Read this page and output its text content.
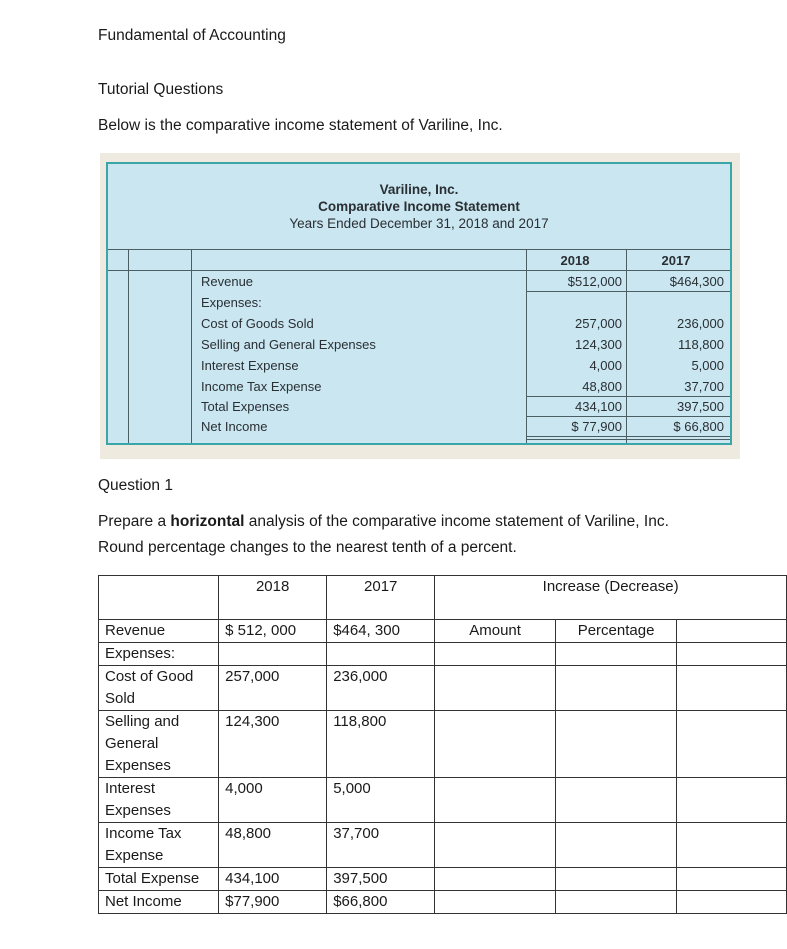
Fundamental of Accounting
Tutorial Questions
Below is the comparative income statement of Variline, Inc.
Variline, Inc.
Comparative Income Statement
Years Ended December 31, 2018 and 2017
2018	2017
Revenue	$512,000	$464,300
Expenses:
Cost of Goods Sold	257,000	236,000
Selling and General Expenses	124,300	118,800
Interest Expense	4,000	5,000
Income Tax Expense	48,800	37,700
Total Expenses	434,100	397,500
Net Income	$ 77,900	$ 66,800
Question 1
Prepare a horizontal analysis of the comparative income statement of Variline, Inc.
Round percentage changes to the nearest tenth of a percent.
	2018	2017	Increase (Decrease)		
Revenue	$ 512, 000	$464, 300	Amount	Percentage	
Expenses:					
Cost of Good Sold	257,000	236,000			
Selling and General Expenses	124,300	118,800			
Interest Expenses	4,000	5,000			
Income Tax Expense	48,800	37,700			
Total Expense	434,100	397,500			
Net Income	$77,900	$66,800			
